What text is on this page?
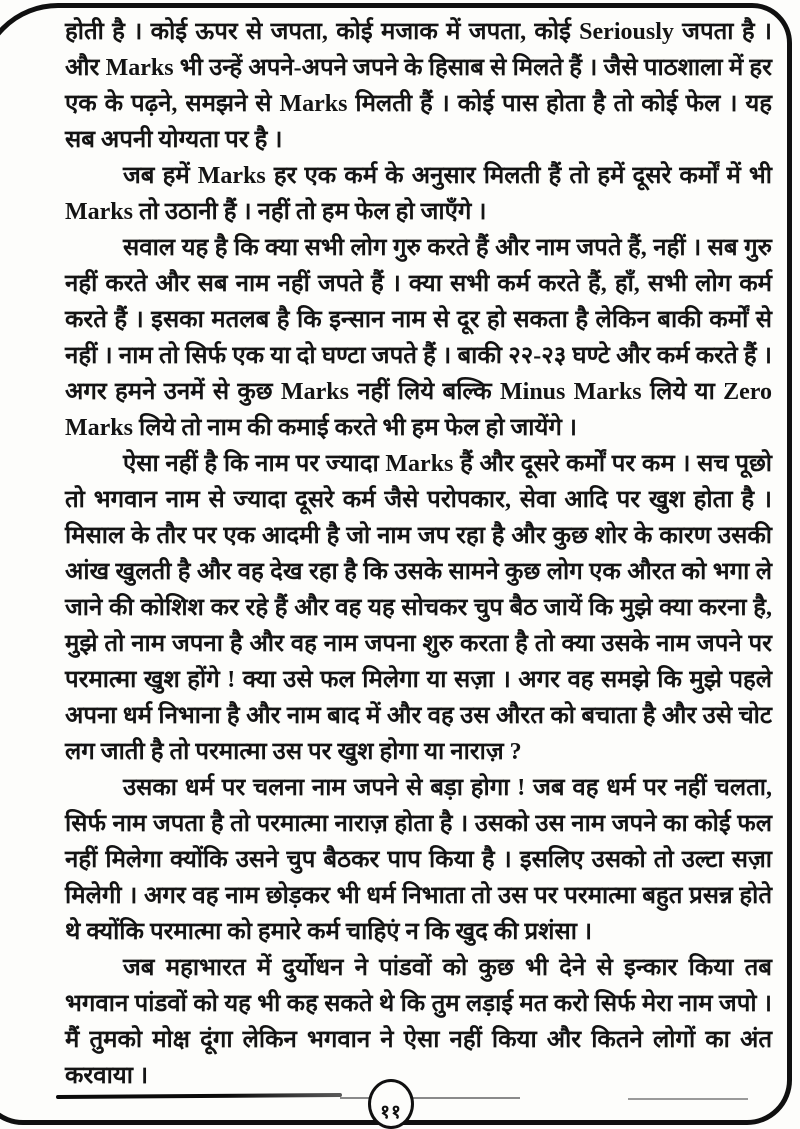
होती है । कोई ऊपर से जपता, कोई मजाक में जपता, कोई Seriously जपता है । और Marks भी उन्हें अपने-अपने जपने के हिसाब से मिलते हैं । जैसे पाठशाला में हर एक के पढ़ने, समझने से Marks मिलती हैं । कोई पास होता है तो कोई फेल । यह सब अपनी योग्यता पर है ।

जब हमें Marks हर एक कर्म के अनुसार मिलती हैं तो हमें दूसरे कर्मों में भी Marks तो उठानी हैं । नहीं तो हम फेल हो जाएँगे ।

सवाल यह है कि क्या सभी लोग गुरु करते हैं और नाम जपते हैं, नहीं । सब गुरु नहीं करते और सब नाम नहीं जपते हैं । क्या सभी कर्म करते हैं, हाँ, सभी लोग कर्म करते हैं । इसका मतलब है कि इन्सान नाम से दूर हो सकता है लेकिन बाकी कर्मों से नहीं । नाम तो सिर्फ एक या दो घण्टा जपते हैं । बाकी २२-२३ घण्टे और कर्म करते हैं । अगर हमने उनमें से कुछ Marks नहीं लिये बल्कि Minus Marks लिये या Zero Marks लिये तो नाम की कमाई करते भी हम फेल हो जायेंगे ।

ऐसा नहीं है कि नाम पर ज्यादा Marks हैं और दूसरे कर्मों पर कम । सच पूछो तो भगवान नाम से ज्यादा दूसरे कर्म जैसे परोपकार, सेवा आदि पर खुश होता है । मिसाल के तौर पर एक आदमी है जो नाम जप रहा है और कुछ शोर के कारण उसकी आंख खुलती है और वह देख रहा है कि उसके सामने कुछ लोग एक औरत को भगा ले जाने की कोशिश कर रहे हैं और वह यह सोचकर चुप बैठ जायें कि मुझे क्या करना है, मुझे तो नाम जपना है और वह नाम जपना शुरु करता है तो क्या उसके नाम जपने पर परमात्मा खुश होंगे ! क्या उसे फल मिलेगा या सज़ा । अगर वह समझे कि मुझे पहले अपना धर्म निभाना है और नाम बाद में और वह उस औरत को बचाता है और उसे चोट लग जाती है तो परमात्मा उस पर खुश होगा या नाराज़ ?

उसका धर्म पर चलना नाम जपने से बड़ा होगा ! जब वह धर्म पर नहीं चलता, सिर्फ नाम जपता है तो परमात्मा नाराज़ होता है । उसको उस नाम जपने का कोई फल नहीं मिलेगा क्योंकि उसने चुप बैठकर पाप किया है । इसलिए उसको तो उल्टा सज़ा मिलेगी । अगर वह नाम छोड़कर भी धर्म निभाता तो उस पर परमात्मा बहुत प्रसन्न होते थे क्योंकि परमात्मा को हमारे कर्म चाहिएं न कि खुद की प्रशंसा ।

जब महाभारत में दुर्योधन ने पांडवों को कुछ भी देने से इन्कार किया तब भगवान पांडवों को यह भी कह सकते थे कि तुम लड़ाई मत करो सिर्फ मेरा नाम जपो । मैं तुमको मोक्ष दूंगा लेकिन भगवान ने ऐसा नहीं किया और कितने लोगों का अंत करवाया ।

११
